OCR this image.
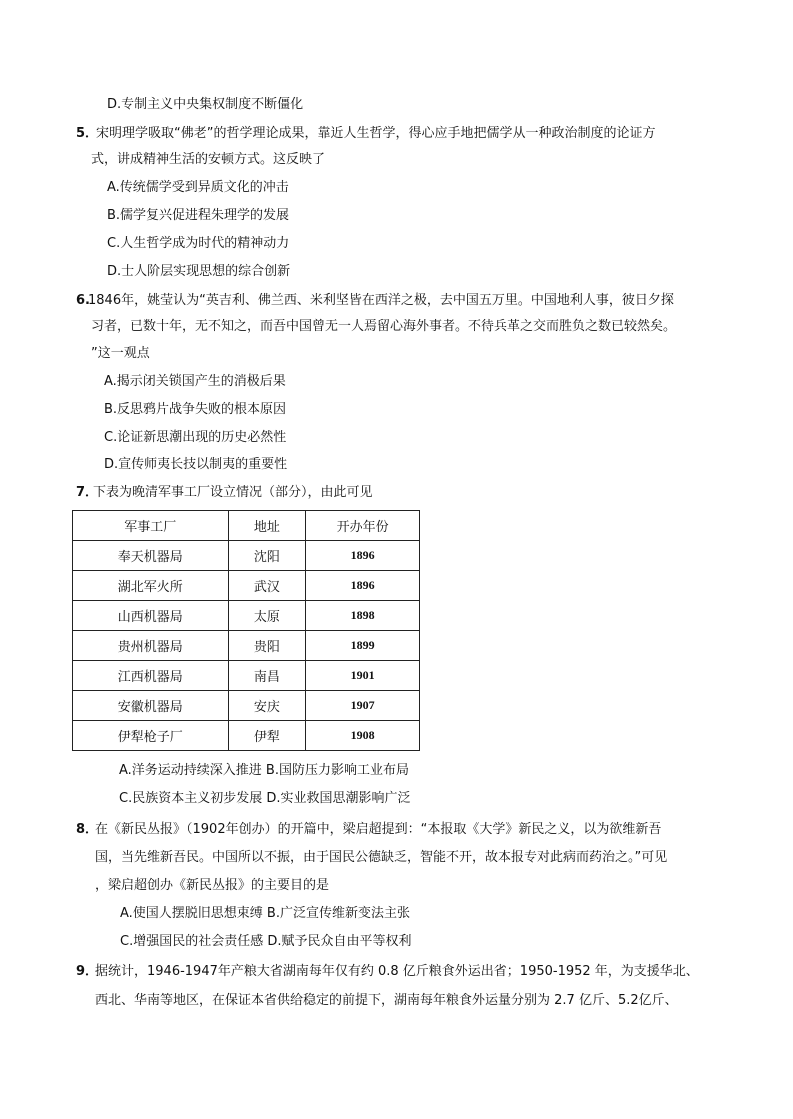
D.专制主义中央集权制度不断僵化
5．
宋明理学吸取“佛老”的哲学理论成果，靠近人生哲学，得心应手地把儒学从一种政治制度的论证方
式，讲成精神生活的安顿方式。这反映了
A.传统儒学受到异质文化的冲击
B.儒学复兴促进程朱理学的发展
C.人生哲学成为时代的精神动力
D.士人阶层实现思想的综合创新
6.
1846年，姚莹认为“英吉利、佛兰西、米利坚皆在西洋之极，去中国五万里。中国地利人事，彼日夕探
习者，已数十年，无不知之，而吾中国曾无一人焉留心海外事者。不待兵革之交而胜负之数已较然矣。
”这一观点
A.揭示闭关锁国产生的消极后果
B.反思鸦片战争失败的根本原因
C.论证新思潮出现的历史必然性
D.宣传师夷长技以制夷的重要性
7．
下表为晚清军事工厂设立情况（部分），由此可见
军事工厂	地址	开办年份
奉天机器局	沈阳	1896
湖北军火所	武汉	1896
山西机器局	太原	1898
贵州机器局	贵阳	1899
江西机器局	南昌	1901
安徽机器局	安庆	1907
伊犁枪子厂	伊犁	1908
A.洋务运动持续深入推进 B.国防压力影响工业布局
C.民族资本主义初步发展 D.实业救国思潮影响广泛
8．
在《新民丛报》（1902年创办）的开篇中，梁启超提到：“本报取《大学》新民之义，以为欲维新吾
国，当先维新吾民。中国所以不振，由于国民公德缺乏，智能不开，故本报专对此病而药治之。”可见
，梁启超创办《新民丛报》的主要目的是
A.使国人摆脱旧思想束缚 B.广泛宣传维新变法主张
C.增强国民的社会责任感 D.赋予民众自由平等权利
9．
据统计，1946-1947年产粮大省湖南每年仅有约 0.8 亿斤粮食外运出省；1950-1952 年，为支援华北、
西北、华南等地区，在保证本省供给稳定的前提下，湖南每年粮食外运量分别为 2.7 亿斤、5.2亿斤、
